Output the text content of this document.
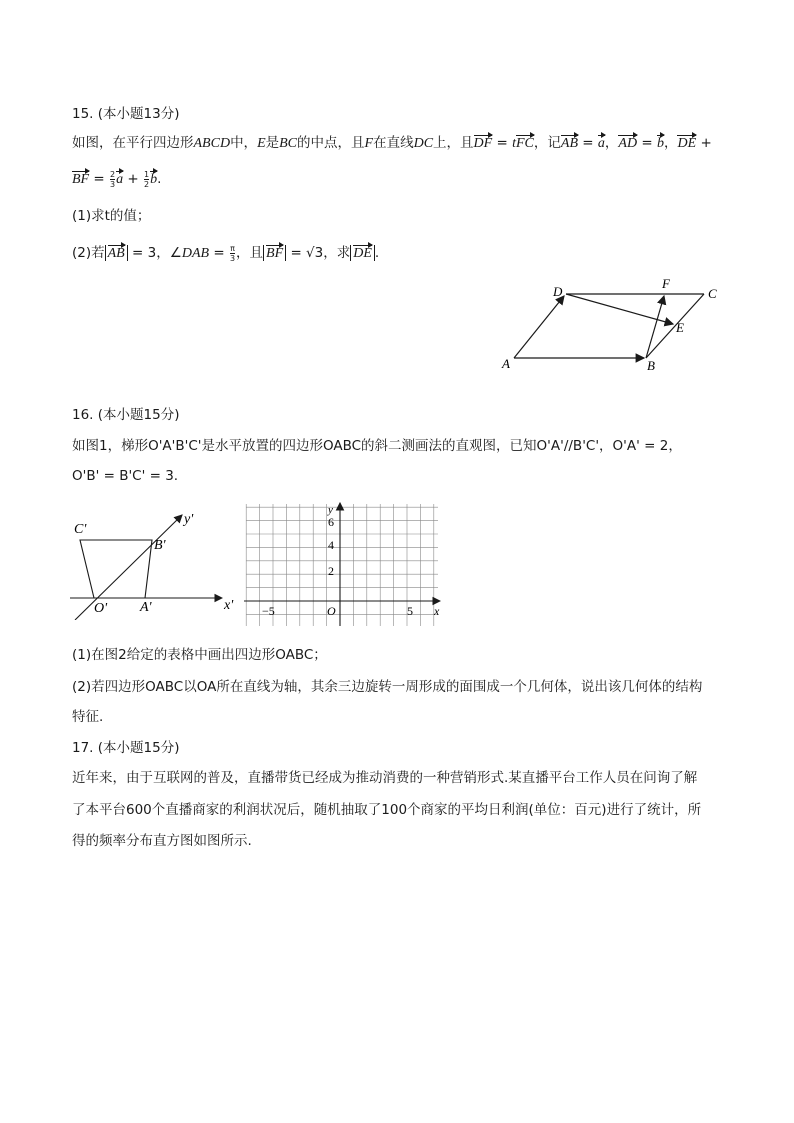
15. (本小题13分)
如图，在平行四边形ABCD中，E是BC的中点，且F在直线DC上，且DF = tFC，记AB = a，AD = b，DE +
BF = $\frac{2}{3}$ $a + \frac{1}{2} b$.
(1)求t的值；
(2)若 AB = 3，∠DAB = $\frac{\pi}{3}$ ，且 BF = √3，求 DE .
D
F
C
E
A	B
16. (本小题15分)
如图1，梯形O'A'B'C'是水平放置的四边形OABC的斜二测画法的直观图，已知O'A'//B'C'，O'A' = 2，
O'B' = B'C' = 3.
C'
B'
y'
O' A'	x'
y
6
4
2
−5	O	5 x
(1)在图2给定的表格中画出四边形OABC；
(2)若四边形OABC以OA所在直线为轴，其余三边旋转一周形成的面围成一个几何体，说出该几何体的结构
特征.
17. (本小题15分)
近年来，由于互联网的普及，直播带货已经成为推动消费的一种营销形式.某直播平台工作人员在问询了解
了本平台600个直播商家的利润状况后，随机抽取了100个商家的平均日利润(单位：百元)进行了统计，所
得的频率分布直方图如图所示.
